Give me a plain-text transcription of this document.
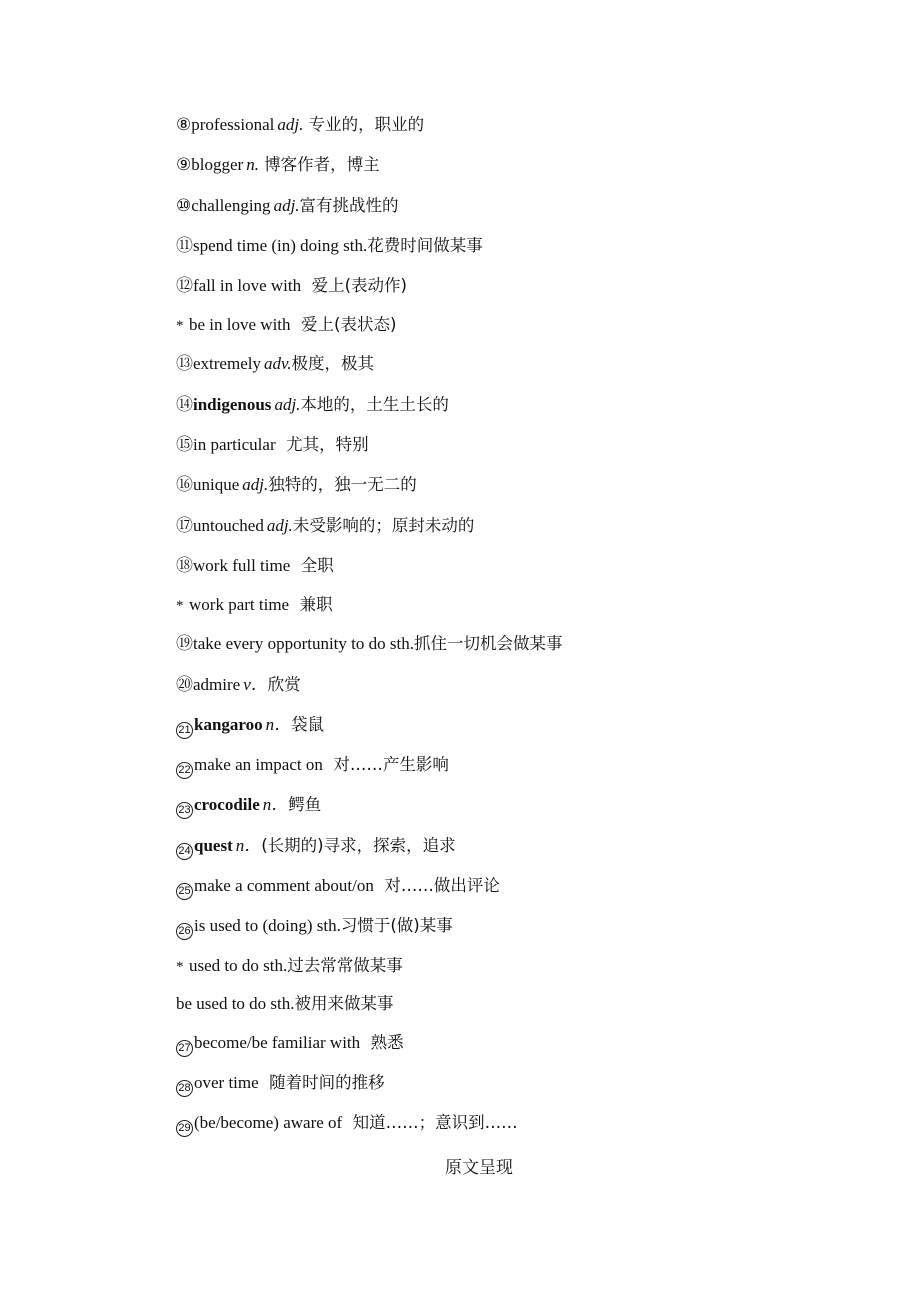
⑧professional adj. 专业的，职业的
⑨blogger n. 博客作者，博主
⑩challenging adj.富有挑战性的
⑪spend time (in) doing sth.花费时间做某事
⑫fall in love with  爱上(表动作)
* be in love with  爱上(表状态)
⑬extremely adv.极度，极其
⑭indigenous adj.本地的，土生土长的
⑮in particular  尤其，特别
⑯unique adj.独特的，独一无二的
⑰untouched adj.未受影响的；原封未动的
⑱work full time  全职
* work part time  兼职
⑲take every opportunity to do sth.抓住一切机会做某事
⑳admire v．欣赏
21 kangaroo n．袋鼠
22 make an impact on  对……产生影响
23 crocodile n．鳄鱼
24 quest n．(长期的)寻求，探索，追求
25 make a comment about/on  对……做出评论
26 is used to (doing) sth.习惯于(做)某事
* used to do sth.过去常常做某事
be used to do sth.被用来做某事
27 become/be familiar with  熟悉
28 over time  随着时间的推移
29 (be/become) aware of  知道……；意识到……
原文呈现
